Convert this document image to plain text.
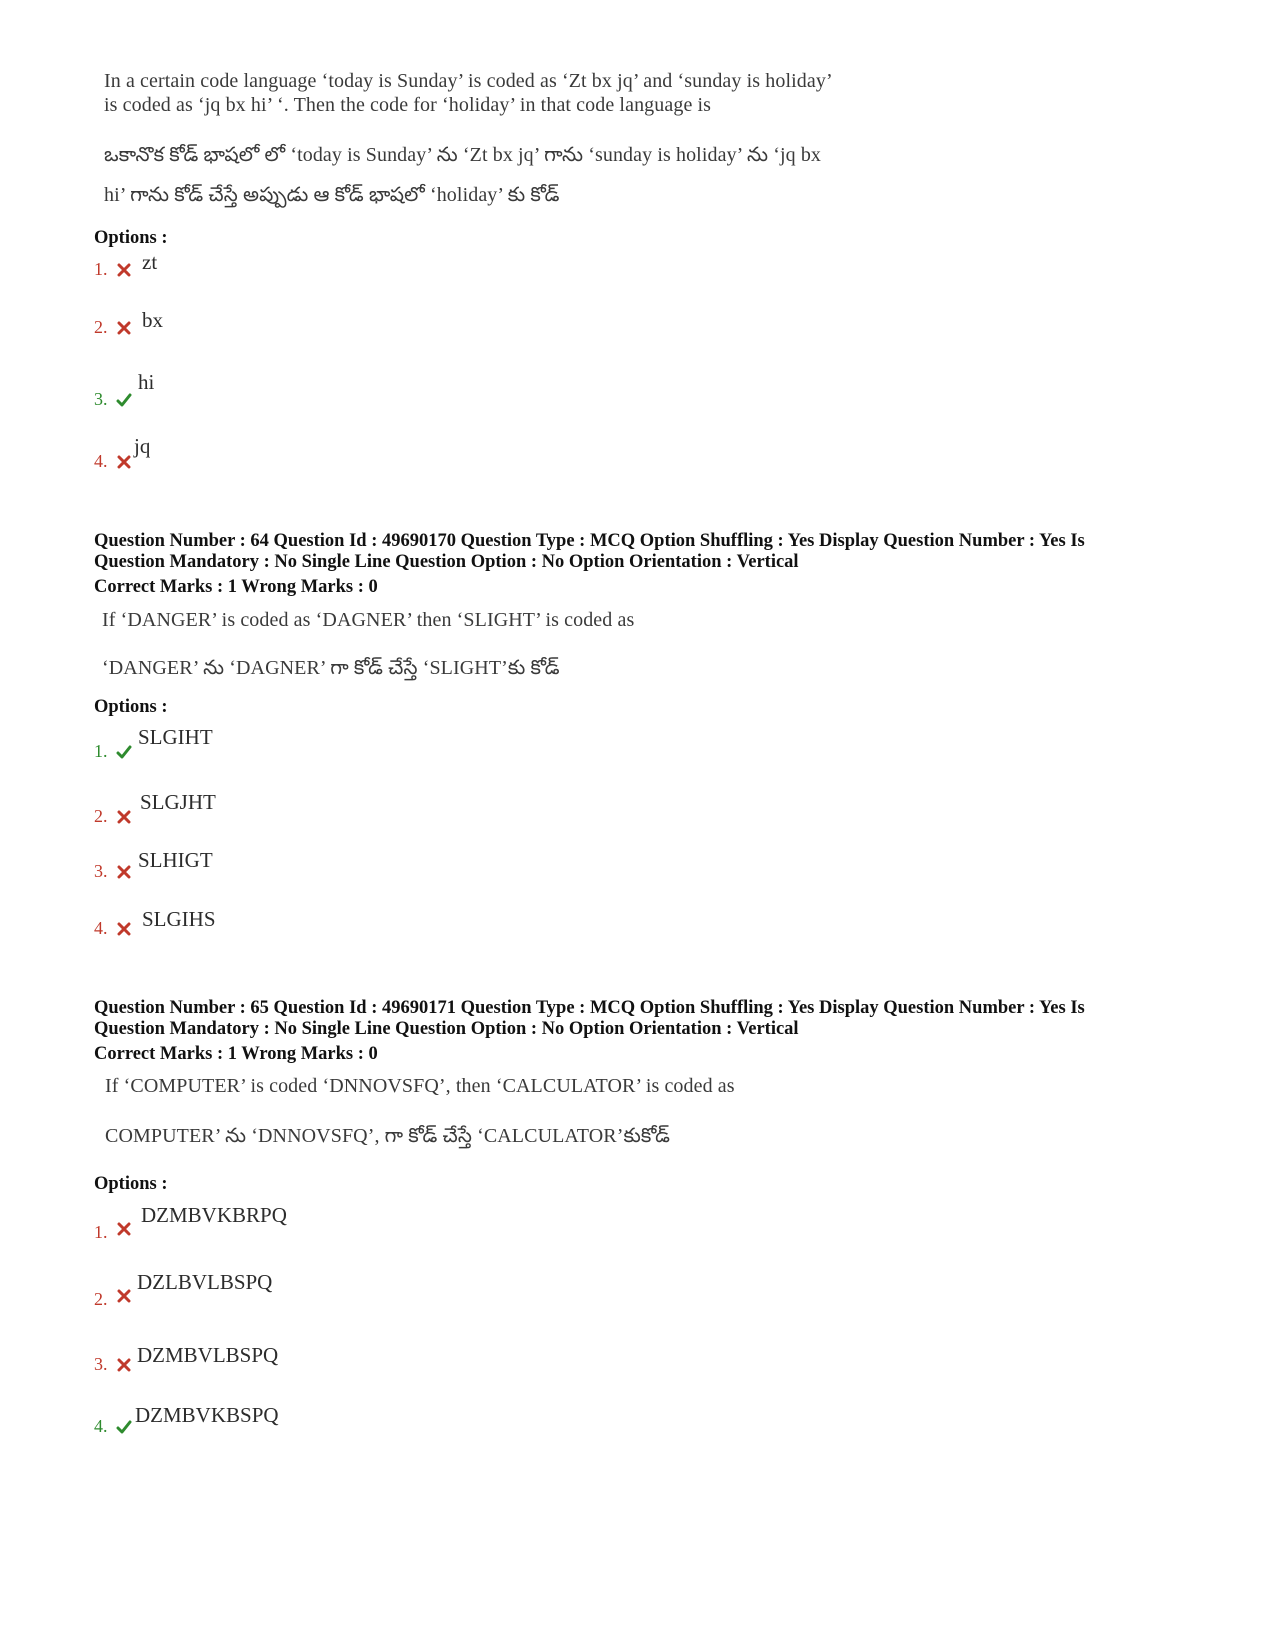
In a certain code language ‘today is Sunday’ is coded as ‘Zt bx jq’ and ‘sunday is holiday’
is coded as ‘jq bx hi’ ‘. Then the code for ‘holiday’ in that code language is
ఒకానొక కోడ్ భాషలో లో ‘today is Sunday’ ను ‘Zt bx jq’ గాను ‘sunday is holiday’ ను ‘jq bx
hi’ గాను కోడ్ చేస్తే అప్పుడు ఆ కోడ్ భాషలో ‘holiday’ కు కోడ్
Options :
1. zt
2. bx
3.
hi
4.
jq
Question Number : 64 Question Id : 49690170 Question Type : MCQ Option Shuffling : Yes Display Question Number : Yes Is
Question Mandatory : No Single Line Question Option : No Option Orientation : Vertical
Correct Marks : 1 Wrong Marks : 0
If ‘DANGER’ is coded as ‘DAGNER’ then ‘SLIGHT’ is coded as
‘DANGER’ ను ‘DAGNER’ గా కోడ్ చేస్తే ‘SLIGHT’కు కోడ్
Options :
1.
SLGIHT
2.
SLGJHT
3. SLHIGT
4. SLGIHS
Question Number : 65 Question Id : 49690171 Question Type : MCQ Option Shuffling : Yes Display Question Number : Yes Is
Question Mandatory : No Single Line Question Option : No Option Orientation : Vertical
Correct Marks : 1 Wrong Marks : 0
If ‘COMPUTER’ is coded ‘DNNOVSFQ’, then ‘CALCULATOR’ is coded as
COMPUTER’ ను ‘DNNOVSFQ’, గా కోడ్ చేస్తే ‘CALCULATOR’కుకోడ్
Options :
1.
DZMBVKBRPQ
2.
DZLBVLBSPQ
3. DZMBVLBSPQ
4. DZMBVKBSPQ
